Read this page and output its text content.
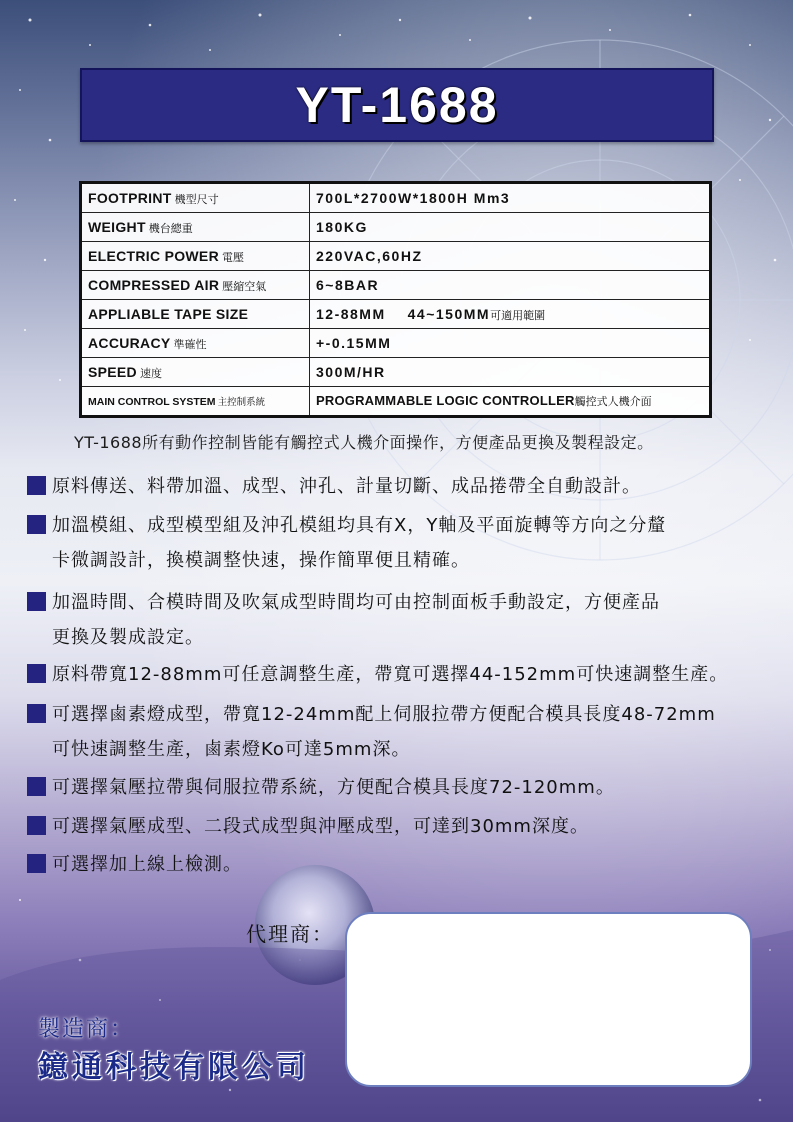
YT-1688
FOOTPRINT 機型尺寸	700L*2700W*1800H Mm3
WEIGHT 機台總重	180KG
ELECTRIC POWER 電壓	220VAC,60HZ
COMPRESSED AIR 壓縮空氣	6~8BAR
APPLIABLE TAPE SIZE	12-88MM 44~150MM可適用範圍
ACCURACY 準確性	+-0.15MM
SPEED 速度	300M/HR
MAIN CONTROL SYSTEM 主控制系統	PROGRAMMABLE LOGIC CONTROLLER觸控式人機介面
YT-1688所有動作控制皆能有觸控式人機介面操作，方便產品更換及製程設定。
原料傳送、料帶加溫、成型、沖孔、計量切斷、成品捲帶全自動設計。
加溫模組、成型模型組及沖孔模組均具有X，Y軸及平面旋轉等方向之分釐
卡微調設計，換模調整快速，操作簡單便且精確。
加溫時間、合模時間及吹氣成型時間均可由控制面板手動設定，方便產品
更換及製成設定。
原料帶寬12-88mm可任意調整生產，帶寬可選擇44-152mm可快速調整生產。
可選擇鹵素燈成型，帶寬12-24mm配上伺服拉帶方便配合模具長度48-72mm
可快速調整生產，鹵素燈Ko可達5mm深。
可選擇氣壓拉帶與伺服拉帶系統，方便配合模具長度72-120mm。
可選擇氣壓成型、二段式成型與沖壓成型，可達到30mm深度。
可選擇加上線上檢測。
代理商：
製造商：
鐿通科技有限公司
